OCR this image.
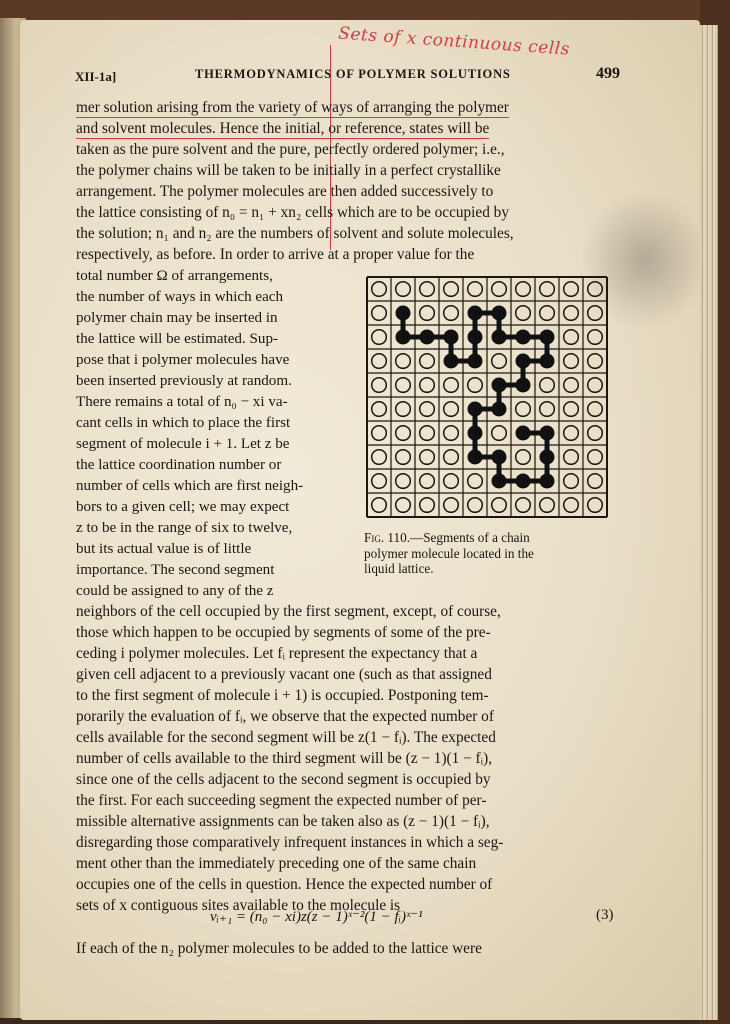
Sets of x continuous cells
XII-1a]	THERMODYNAMICS OF POLYMER SOLUTIONS	499
mer solution arising from the variety of ways of arranging the polymer
and solvent molecules. Hence the initial, or reference, states will be
taken as the pure solvent and the pure, perfectly ordered polymer; i.e.,
the polymer chains will be taken to be initially in a perfect crystallike
arrangement. The polymer molecules are then added successively to
the lattice consisting of n₀ = n₁ + xn₂ cells which are to be occupied by
the solution; n₁ and n₂ are the numbers of solvent and solute molecules,
respectively, as before. In order to arrive at a proper value for the
total number Ω of arrangements,
the number of ways in which each
polymer chain may be inserted in
the lattice will be estimated. Sup-
pose that i polymer molecules have
been inserted previously at random.
There remains a total of n₀ − xi va-
cant cells in which to place the first
segment of molecule i + 1. Let z be
the lattice coordination number or
number of cells which are first neigh-
bors to a given cell; we may expect
z to be in the range of six to twelve,
but its actual value is of little
importance. The second segment
could be assigned to any of the z
Fig. 110.—Segments of a chain
polymer molecule located in the
liquid lattice.
neighbors of the cell occupied by the first segment, except, of course,
those which happen to be occupied by segments of some of the pre-
ceding i polymer molecules. Let fᵢ represent the expectancy that a
given cell adjacent to a previously vacant one (such as that assigned
to the first segment of molecule i + 1) is occupied. Postponing tem-
porarily the evaluation of fᵢ, we observe that the expected number of
cells available for the second segment will be z(1 − fᵢ). The expected
number of cells available to the third segment will be (z − 1)(1 − fᵢ),
since one of the cells adjacent to the second segment is occupied by
the first. For each succeeding segment the expected number of per-
missible alternative assignments can be taken also as (z − 1)(1 − fᵢ),
disregarding those comparatively infrequent instances in which a seg-
ment other than the immediately preceding one of the same chain
occupies one of the cells in question. Hence the expected number of
sets of x contiguous sites available to the molecule is
νᵢ₊₁ = (n₀ − xi)z(z − 1)ˣ⁻²(1 − fᵢ)ˣ⁻¹	(3)
If each of the n₂ polymer molecules to be added to the lattice were
